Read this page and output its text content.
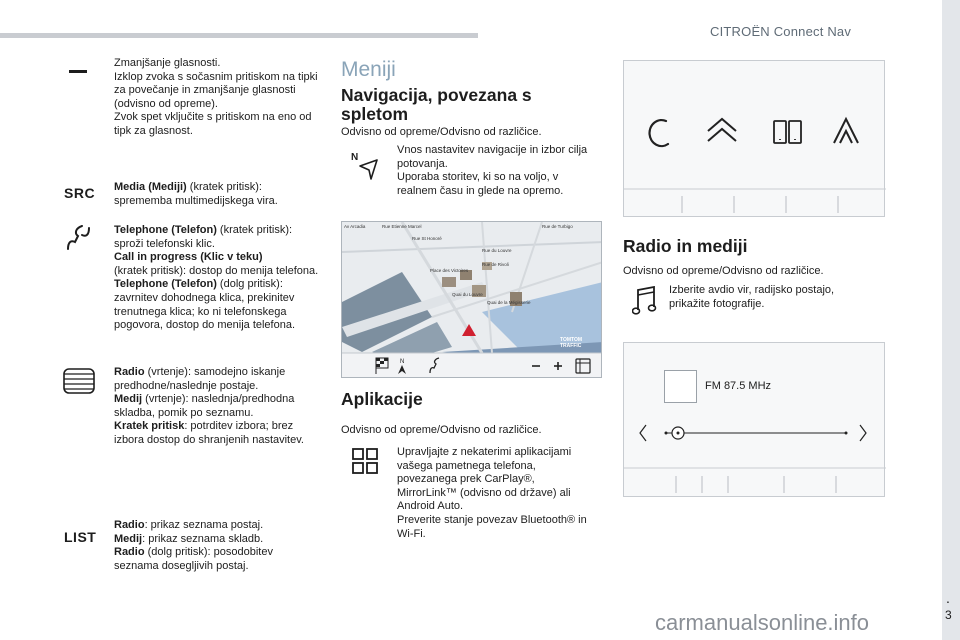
CITROËN Connect Nav
.
3
Zmanjšanje glasnosti.
Izklop zvoka s sočasnim pritiskom na tipki za povečanje in zmanjšanje glasnosti (odvisno od opreme).
Zvok spet vključite s pritiskom na eno od tipk za glasnost.
SRC Media (Mediji) (kratek pritisk): sprememba multimedijskega vira.
Telephone (Telefon) (kratek pritisk): sproži telefonski klic.
Call in progress (Klic v teku)
(kratek pritisk): dostop do menija telefona.
Telephone (Telefon) (dolg pritisk): zavrnitev dohodnega klica, prekinitev trenutnega klica; ko ni telefonskega pogovora, dostop do menija telefona.
Radio (vrtenje): samodejno iskanje predhodne/naslednje postaje.
Medij (vrtenje): naslednja/predhodna skladba, pomik po seznamu.
Kratek pritisk: potrditev izbora; brez izbora dostop do shranjenih nastavitev.
LIST
Radio: prikaz seznama postaj.
Medij: prikaz seznama skladb.
Radio (dolg pritisk): posodobitev seznama dosegljivih postaj.
Meniji
Navigacija, povezana s spletom
Odvisno od opreme/Odvisno od različice.
N
Vnos nastavitev navigacije in izbor cilja potovanja.
Uporaba storitev, ki so na voljo, v realnem času in glede na opremo.
Av Arcadia
Rue St Honoré
Rue de Turbigo
Rue du Louvre
Place des Victoires
Rue de Rivoli
Rue Etienne Marcel
Quai du Louvre
Quai de la Mégisserie
TOMTOM TRAFFIC
N
Aplikacije
Odvisno od opreme/Odvisno od različice.
Upravljajte z nekaterimi aplikacijami vašega pametnega telefona, povezanega prek CarPlay®, MirrorLink™ (odvisno od države) ali Android Auto.
Preverite stanje povezav Bluetooth® in Wi-Fi.
Radio in mediji
Odvisno od opreme/Odvisno od različice.
Izberite avdio vir, radijsko postajo, prikažite fotografije.
FM 87.5 MHz
carmanualsonline.info
